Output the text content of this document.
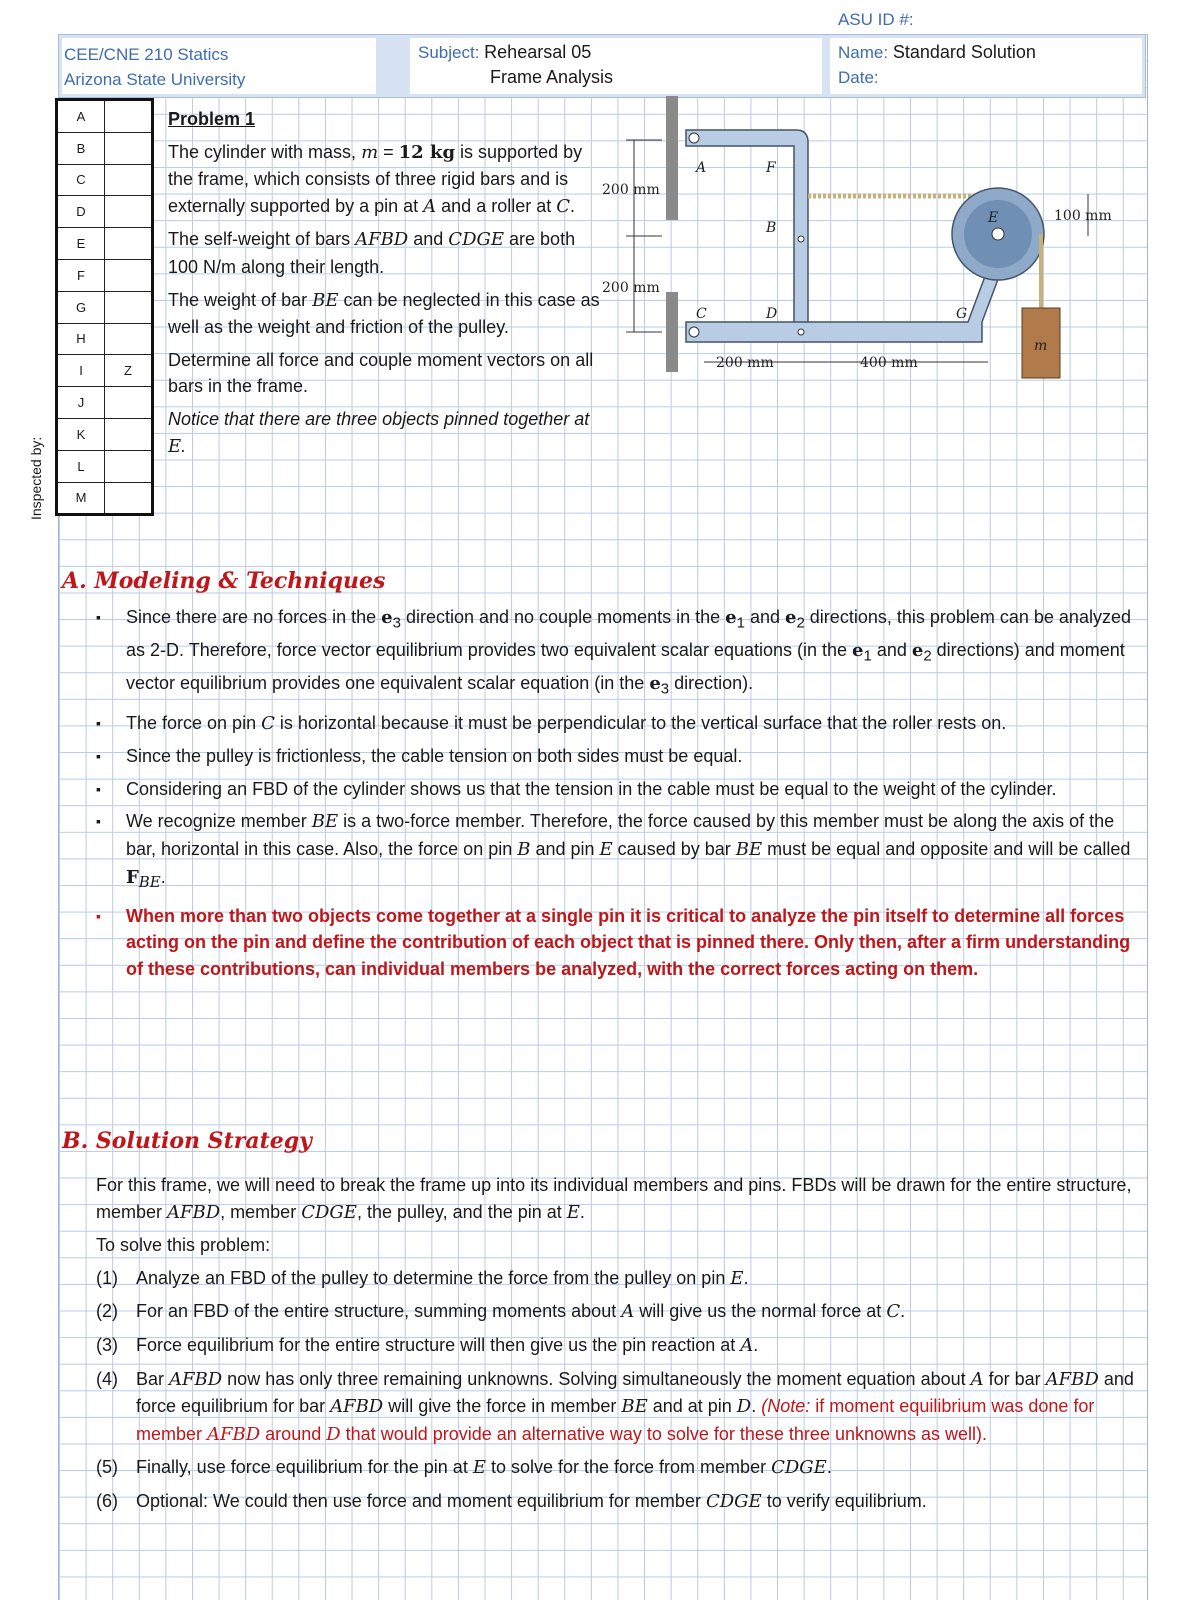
ASU ID #:
CEE/CNE 210 Statics
Arizona State University
Subject: Rehearsal 05
Frame Analysis
Name: Standard Solution
Date:
Inspected by:
A	
B	
C	
D	
E	
F	
G	
H	
I	Z
J	
K	
L	
M	

Problem 1

The cylinder with mass, m = 12 kg is supported by the frame, which consists of three rigid bars and is externally supported by a pin at A and a roller at C.

The self-weight of bars AFBD and CDGE are both 100 N/m along their length.

The weight of bar BE can be neglected in this case as well as the weight and friction of the pulley.

Determine all force and couple moment vectors on all bars in the frame.

Notice that there are three objects pinned together at E.

200 mm
200 mm
200 mm	400 mm
100 mm
A	F
B
C	D	G
E
m
A. Modeling & Techniques
▪ Since there are no forces in the $e_3$ direction and no couple moments in the $e_1$ and $e_2$ directions, this problem can be analyzed as 2-D. Therefore, force vector equilibrium provides two equivalent scalar equations (in the $e_1$ and $e_2$ directions) and moment vector equilibrium provides one equivalent scalar equation (in the $e_3$ direction).
▪ The force on pin C is horizontal because it must be perpendicular to the vertical surface that the roller rests on.
▪ Since the pulley is frictionless, the cable tension on both sides must be equal.
▪ Considering an FBD of the cylinder shows us that the tension in the cable must be equal to the weight of the cylinder.
▪ We recognize member BE is a two-force member. Therefore, the force caused by this member must be along the axis of the bar, horizontal in this case. Also, the force on pin B and pin E caused by bar BE must be equal and opposite and will be called $F_{BE}$.
▪ When more than two objects come together at a single pin it is critical to analyze the pin itself to determine all forces acting on the pin and define the contribution of each object that is pinned there. Only then, after a firm understanding of these contributions, can individual members be analyzed, with the correct forces acting on them.
B. Solution Strategy

For this frame, we will need to break the frame up into its individual members and pins. FBDs will be drawn for the entire structure, member AFBD, member CDGE, the pulley, and the pin at E.

To solve this problem:

(1) Analyze an FBD of the pulley to determine the force from the pulley on pin E.
(2) For an FBD of the entire structure, summing moments about A will give us the normal force at C.
(3) Force equilibrium for the entire structure will then give us the pin reaction at A.
(4) Bar AFBD now has only three remaining unknowns. Solving simultaneously the moment equation about A for bar AFBD and force equilibrium for bar AFBD will give the force in member BE and at pin D. (Note: if moment equilibrium was done for member AFBD around D that would provide an alternative way to solve for these three unknowns as well).
(5) Finally, use force equilibrium for the pin at E to solve for the force from member CDGE.
(6) Optional: We could then use force and moment equilibrium for member CDGE to verify equilibrium.
